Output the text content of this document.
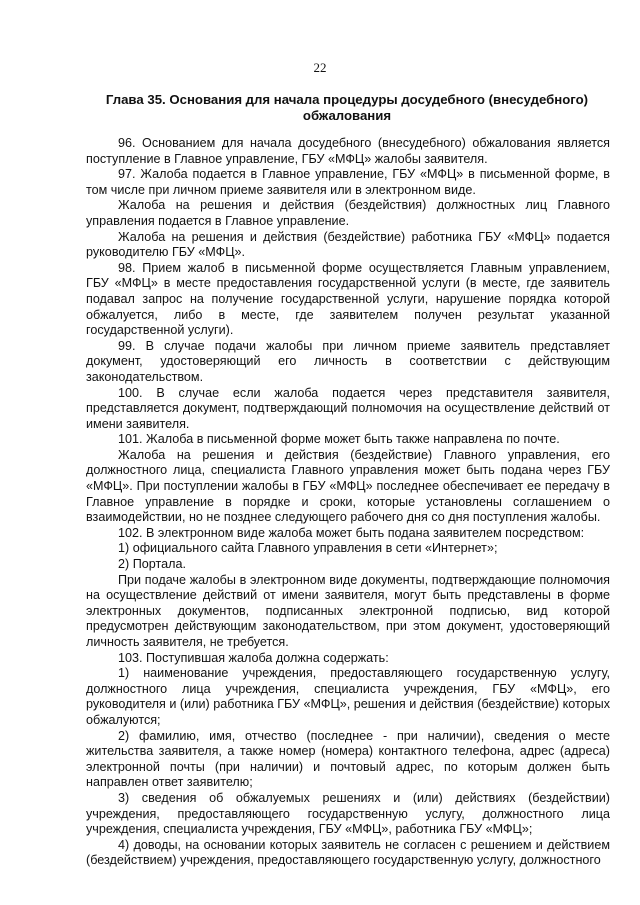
22
Глава 35. Основания для начала процедуры досудебного (внесудебного) обжалования

96. Основанием для начала досудебного (внесудебного) обжалования является поступление в Главное управление, ГБУ «МФЦ» жалобы заявителя.

97. Жалоба подается в Главное управление, ГБУ «МФЦ» в письменной форме, в том числе при личном приеме заявителя или в электронном виде.

Жалоба на решения и действия (бездействия) должностных лиц Главного управления подается в Главное управление.

Жалоба на решения и действия (бездействие) работника ГБУ «МФЦ» подается руководителю ГБУ «МФЦ».

98. Прием жалоб в письменной форме осуществляется Главным управлением, ГБУ «МФЦ» в месте предоставления государственной услуги (в месте, где заявитель подавал запрос на получение государственной услуги, нарушение порядка которой обжалуется, либо в месте, где заявителем получен результат указанной государственной услуги).

99. В случае подачи жалобы при личном приеме заявитель представляет документ, удостоверяющий его личность в соответствии с действующим законодательством.

100. В случае если жалоба подается через представителя заявителя, представляется документ, подтверждающий полномочия на осуществление действий от имени заявителя.

101. Жалоба в письменной форме может быть также направлена по почте.

Жалоба на решения и действия (бездействие) Главного управления, его должностного лица, специалиста Главного управления может быть подана через ГБУ «МФЦ». При поступлении жалобы в ГБУ «МФЦ» последнее обеспечивает ее передачу в Главное управление в порядке и сроки, которые установлены соглашением о взаимодействии, но не позднее следующего рабочего дня со дня поступления жалобы.

102. В электронном виде жалоба может быть подана заявителем посредством:

1) официального сайта Главного управления в сети «Интернет»;

2) Портала.

При подаче жалобы в электронном виде документы, подтверждающие полномочия на осуществление действий от имени заявителя, могут быть представлены в форме электронных документов, подписанных электронной подписью, вид которой предусмотрен действующим законодательством, при этом документ, удостоверяющий личность заявителя, не требуется.

103. Поступившая жалоба должна содержать:

1) наименование учреждения, предоставляющего государственную услугу, должностного лица учреждения, специалиста учреждения, ГБУ «МФЦ», его руководителя и (или) работника ГБУ «МФЦ», решения и действия (бездействие) которых обжалуются;

2) фамилию, имя, отчество (последнее - при наличии), сведения о месте жительства заявителя, а также номер (номера) контактного телефона, адрес (адреса) электронной почты (при наличии) и почтовый адрес, по которым должен быть направлен ответ заявителю;

3) сведения об обжалуемых решениях и (или) действиях (бездействии) учреждения, предоставляющего государственную услугу, должностного лица учреждения, специалиста учреждения, ГБУ «МФЦ», работника ГБУ «МФЦ»;

4) доводы, на основании которых заявитель не согласен с решением и действием (бездействием) учреждения, предоставляющего государственную услугу, должностного
